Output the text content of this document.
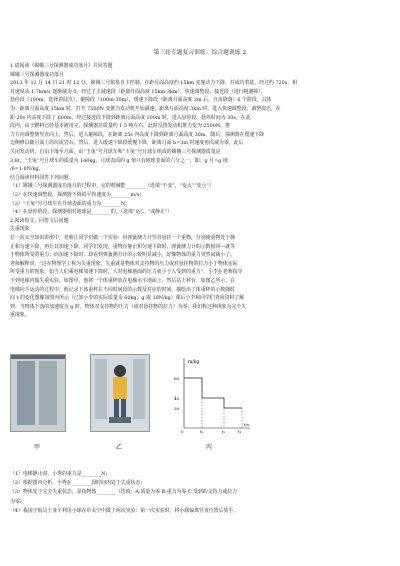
第三轮专题复习训练：综合题训练 2
1.请阅读《嫦娥三号探测器成功落月》并回答题
嫦娥三号探测器成功落月
2013 年 12 月 14 日 21 时 12 分，嫦娥三号依靠自主控制，在距月面高度约 15km 实施动力下降，并成功着陆，经过约 720s，相
对速度从 1.7km/s 逐渐减为 0。经过了主减速段（距离月面高度 15km-3km）、快速调整段、接近段（进行粗避障）、
悬停段（100m，选择着陆点）、避障段（100m-30m）、缓速下降段（距离月面高度 2m 后，自由降落）6 个阶段，具体
为：距离月面高度 15km 时，打开 7500N 变推力发动机开始减速，距离月面高度 3km 时，进入快速调整段，调整姿态，在
距 20s 内高度下降了 600m，经过接近段下降到距离月面高度 100m 时，进入悬停段，悬停时间为 30s，在此
段内，由于燃料已经基本被用完，探测器总质量约 1.5 吨左右，此时反推发动机推力变为 2500N，推
力方向调整到竖直向上，然后，进入避障段，在距离 25s 内高度下降到距离月面高度 30m，随后，探测器在缓速下降
边侧修以随月面上的坑或岩石，然后，进入缓速下降段缓慢下降，距离月面 h=3m 时速度再次减为零，此后
关闭发动机，自由下落至月面，由“玉兔”号月球车和“玉兔”号月球车组成的嫦娥三号探测器质量是
3.8t，“玉兔”号月球车的质量为 140kg，月球表面的 g 值只有地球表面的六分之一，即：g 月=g 地
/6=1.6N/kg。
结合阅读材料回答下列问题：
（1）嫦娥三号探测器成功落月的过程中，它的机械能________（选填“不变”、“变大”“变小”）
（2）在快速调整段，探测器下降的平均速度为________m/s；
（3）“玉兔”号月球车在月球表面的重力为________N；
（4）在悬停阶段，探测器相对地球是________的。（选填“运”、“或静止”）
2.阅读短文，回答文后问题
失重现象
在一次太空知识讲座中，老师让同学们做一个实验：用弹簧测力计竖直悬挂一个重物，分别使重物处于静
止和匀速下降，再让其加速下降，同学们发现，重物在静止和匀速下降时，弹簧测力计的示数相同—就等
于物体所受的重力；而加速下降时，却看到弹簧测力计的示数明显减小，好像物体的重力突然间减小了。
老师解释说：“这在物理学上称为失重现象，失重就是物体对支持物的压力或对悬挂物的拉力小于物体实际
所受重力的现象，如当人们乘电梯加速下降时，人对电梯地面的压力就小于人受到的重力”，小李在老师指导
下到电梯内做失重实验，如图甲，他将一个体重秤放在电梯水平地面上，然后站上秤台，如图乙所示，在
电梯向下运动的过程中，他记录下体重秤在不同时间段的示数及对应的时间，描绘出了体重秤的示数随时
间 t 的变化图像如图丙所示（已知小李的实际质量为 60kg，g 取 10N/kg）课后小李和同学们查阅资料了解
到：当物体下落的加速度为 g 时，物体对支持物的压力（或对悬挂物的拉力）为零，我们称这种现象为完全失
重现象。
甲	乙
m/kg
60
40
30
0	t₁	t₂	t₃
t/s
丙
（1）电梯静止时，小秀的重力是________N；
（2）根据图丙分析，小秀在________段时间内处于失重状态；
（3）物体处于完全失重状态，是指物体________（选填：A.质量为零 B.重力为零 C.受到的支持力或拉力
为零）
（4）我国宇航员王亚平利用小球在中太空中做了两次实验：第一次实验时，将小球偏离竖直位置后放手，
